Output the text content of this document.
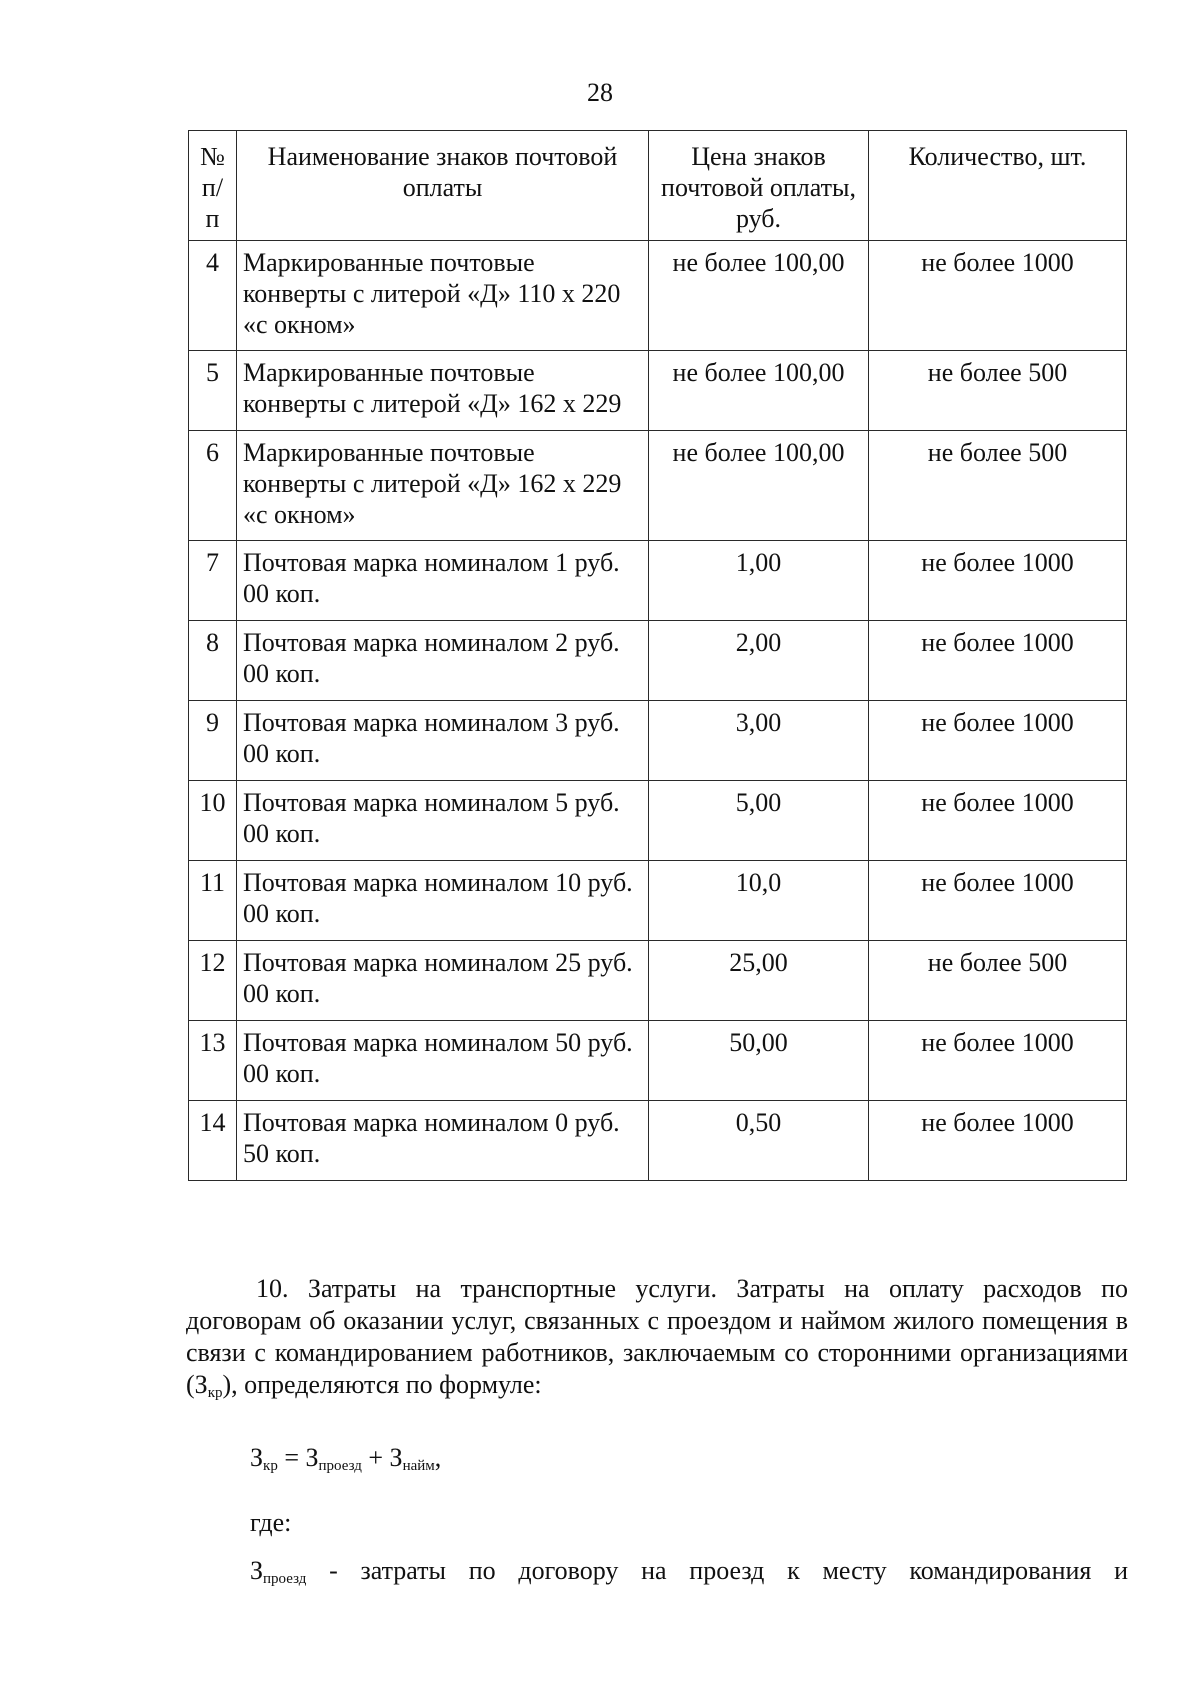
28
№ п/п	Наименование знаков почтовой оплаты	Цена знаков почтовой оплаты, руб.	Количество, шт.
4	Маркированные почтовые конверты с литерой «Д» 110 х 220 «с окном»	не более 100,00	не более 1000
5	Маркированные почтовые конверты с литерой «Д» 162 х 229	не более 100,00	не более 500
6	Маркированные почтовые конверты с литерой «Д» 162 х 229 «с окном»	не более 100,00	не более 500
7	Почтовая марка номиналом 1 руб. 00 коп.	1,00	не более 1000
8	Почтовая марка номиналом 2 руб. 00 коп.	2,00	не более 1000
9	Почтовая марка номиналом 3 руб. 00 коп.	3,00	не более 1000
10	Почтовая марка номиналом 5 руб. 00 коп.	5,00	не более 1000
11	Почтовая марка номиналом 10 руб. 00 коп.	10,0	не более 1000
12	Почтовая марка номиналом 25 руб. 00 коп.	25,00	не более 500
13	Почтовая марка номиналом 50 руб. 00 коп.	50,00	не более 1000
14	Почтовая марка номиналом 0 руб. 50 коп.	0,50	не более 1000
10. Затраты на транспортные услуги. Затраты на оплату расходов по договорам об оказании услуг, связанных с проездом и наймом жилого помещения в связи с командированием работников, заключаемым со сторонними организациями $(З_{кр})$, определяются по формуле:
$З_{кр} = З_{проезд} + З_{найм}$,
где:
$З_{проезд}$ - затраты по договору на проезд к месту командирования и
